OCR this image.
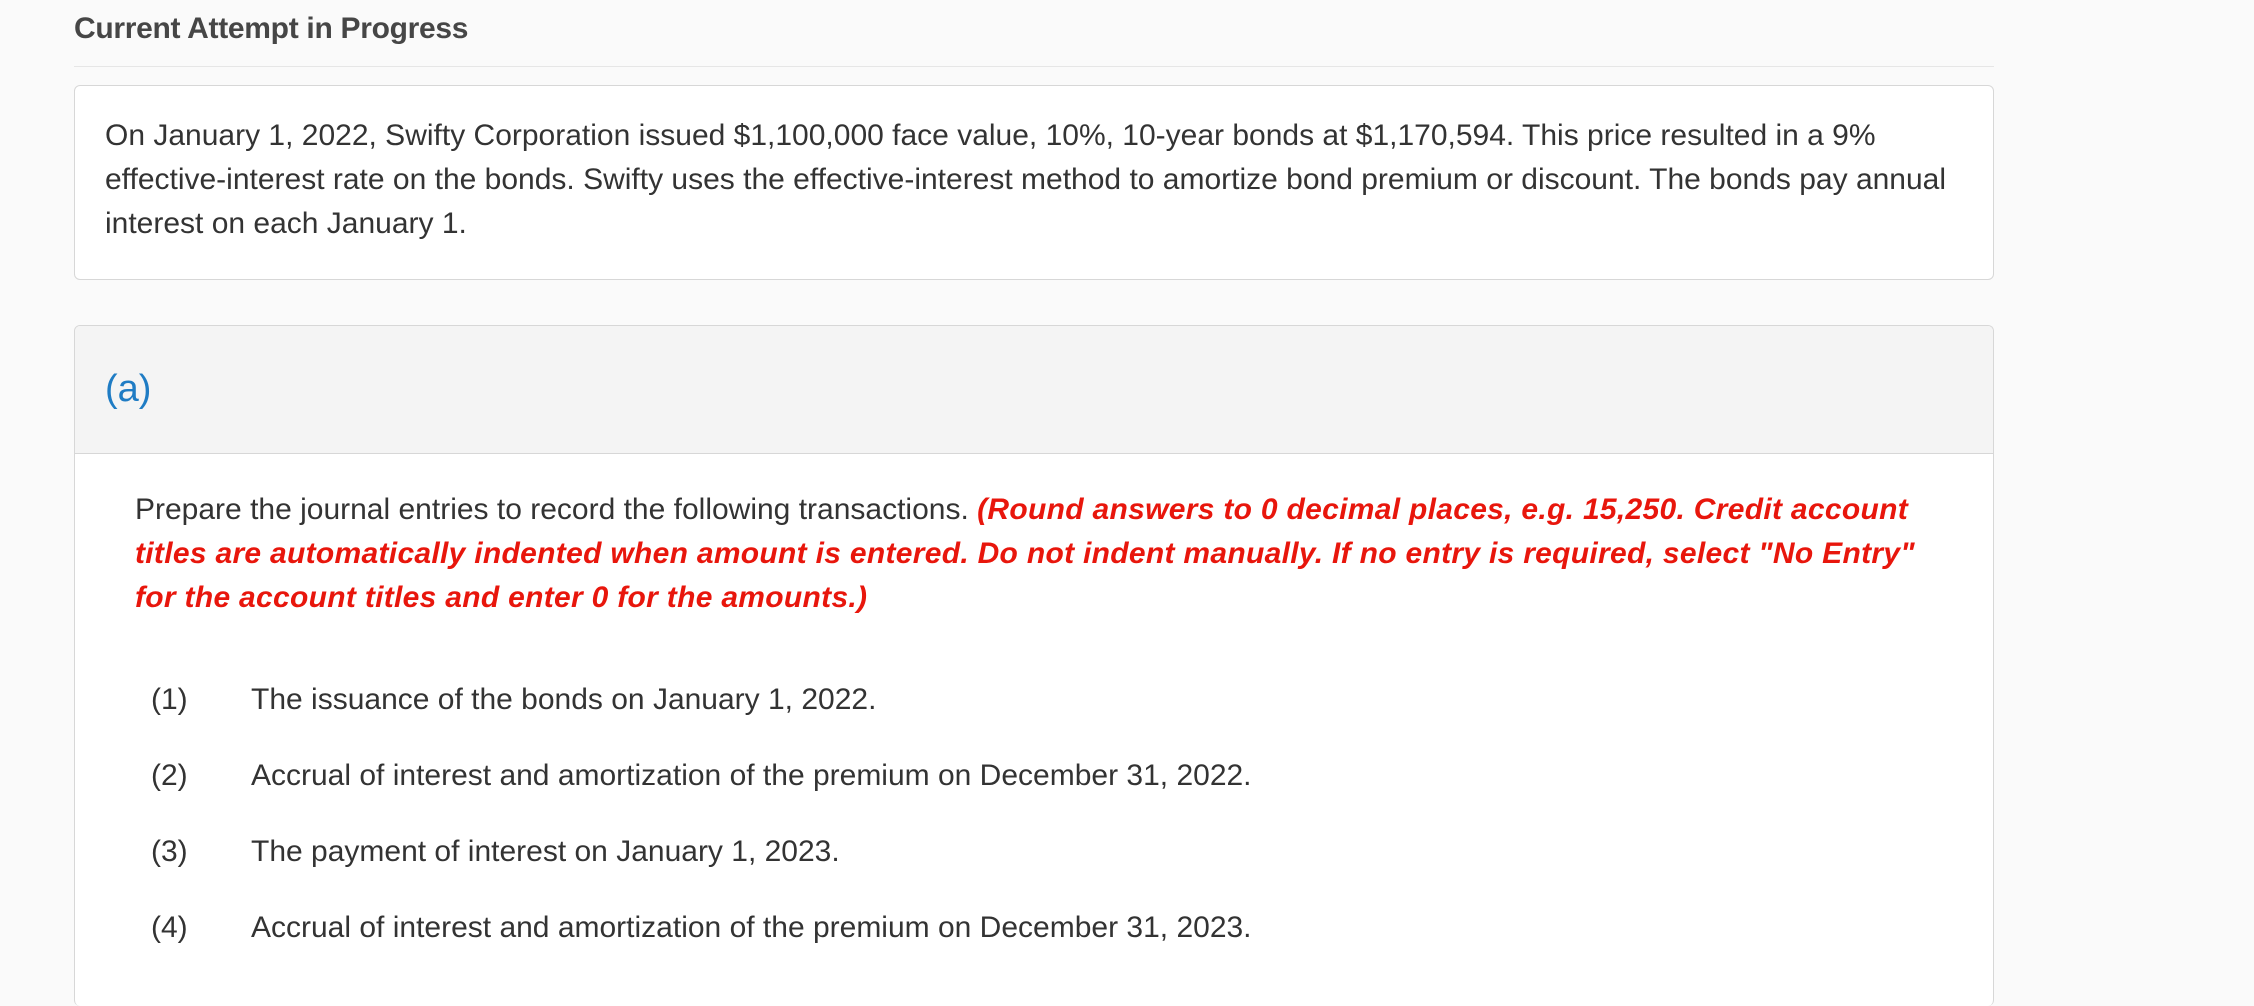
Current Attempt in Progress

On January 1, 2022, Swifty Corporation issued $1,100,000 face value, 10%, 10-year bonds at $1,170,594. This price resulted in a 9% effective-interest rate on the bonds. Swifty uses the effective-interest method to amortize bond premium or discount. The bonds pay annual interest on each January 1.

(a)

Prepare the journal entries to record the following transactions. (Round answers to 0 decimal places, e.g. 15,250. Credit account titles are automatically indented when amount is entered. Do not indent manually. If no entry is required, select "No Entry" for the account titles and enter 0 for the amounts.)

(1)	The issuance of the bonds on January 1, 2022.
(2)	Accrual of interest and amortization of the premium on December 31, 2022.
(3)	The payment of interest on January 1, 2023.
(4)	Accrual of interest and amortization of the premium on December 31, 2023.
